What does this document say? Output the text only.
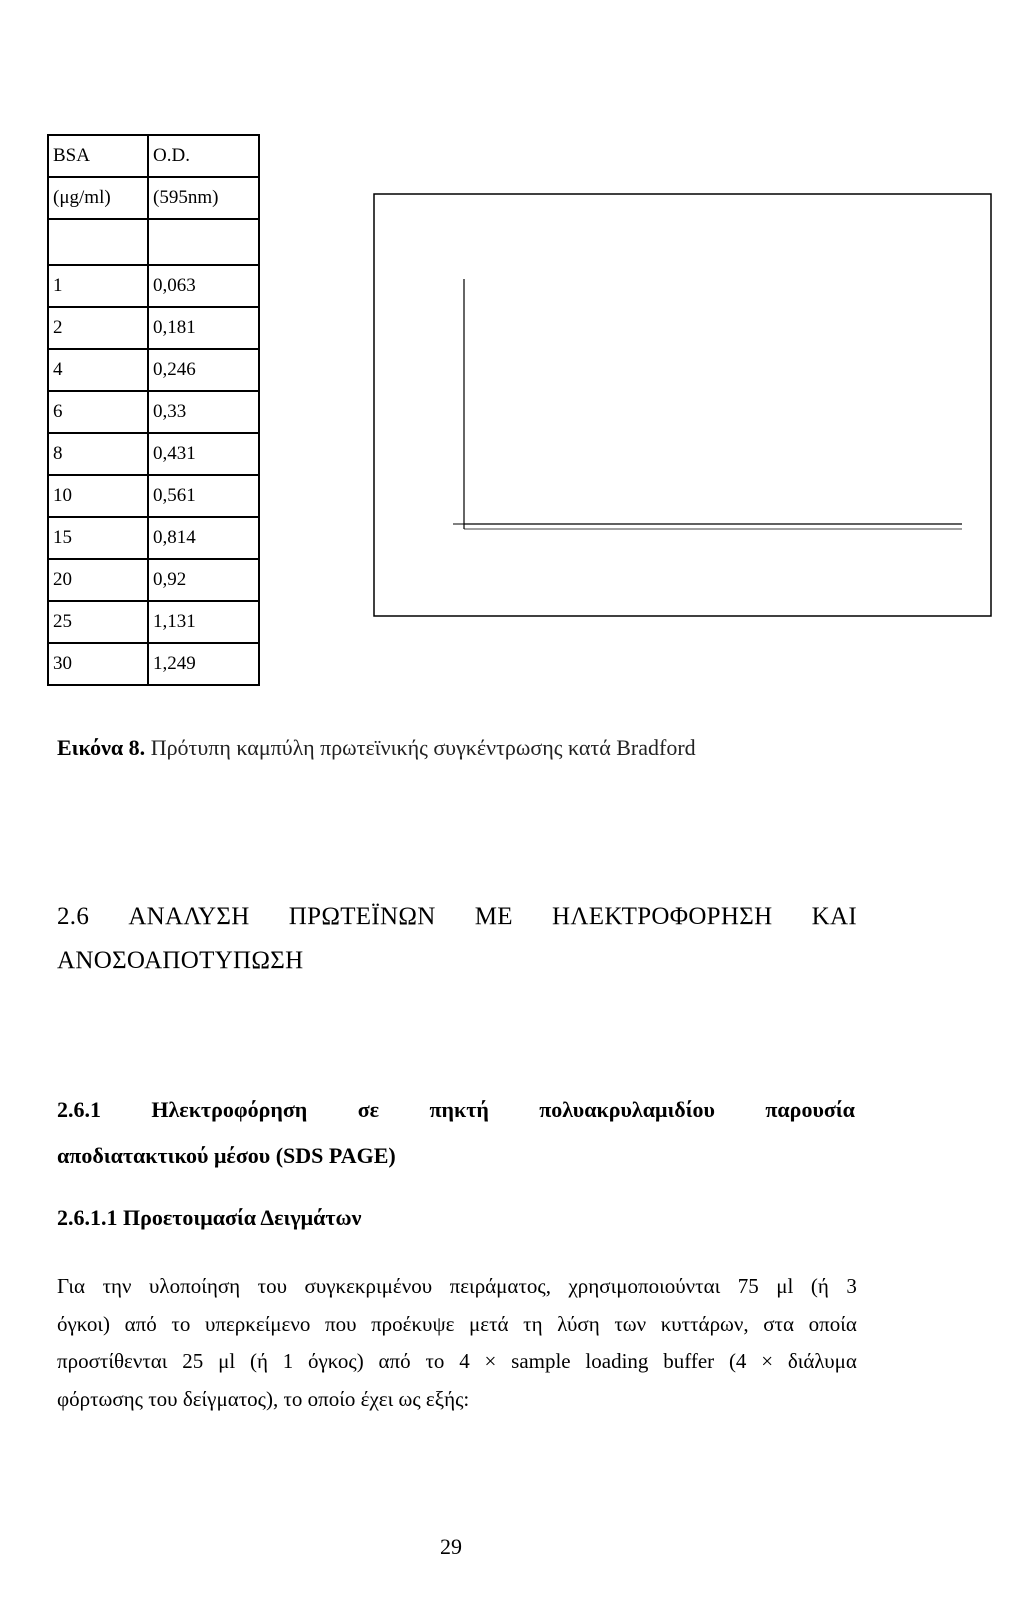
BSA	O.D.
(μg/ml)	(595nm)

1	0,063
2	0,181
4	0,246
6	0,33
8	0,431
10	0,561
15	0,814
20	0,92
25	1,131
30	1,249
Εικόνα 8. Πρότυπη καμπύλη πρωτεϊνικής συγκέντρωσης κατά Bradford
2.6 ΑΝΑΛΥΣΗ ΠΡΩΤΕΪΝΩΝ ΜΕ ΗΛΕΚΤΡΟΦΟΡΗΣΗ ΚΑΙ
ΑΝΟΣΟΑΠΟΤΥΠΩΣΗ
2.6.1 Ηλεκτροφόρηση σε πηκτή πολυακρυλαμιδίου παρουσία
αποδιατακτικού μέσου (SDS PAGE)
2.6.1.1 Προετοιμασία Δειγμάτων
Για την υλοποίηση του συγκεκριμένου πειράματος, χρησιμοποιούνται 75 μl (ή 3
όγκοι) από το υπερκείμενο που προέκυψε μετά τη λύση των κυττάρων, στα οποία
προστίθενται 25 μl (ή 1 όγκος) από το 4 × sample loading buffer (4 × διάλυμα
φόρτωσης του δείγματος), το οποίο έχει ως εξής:
29
